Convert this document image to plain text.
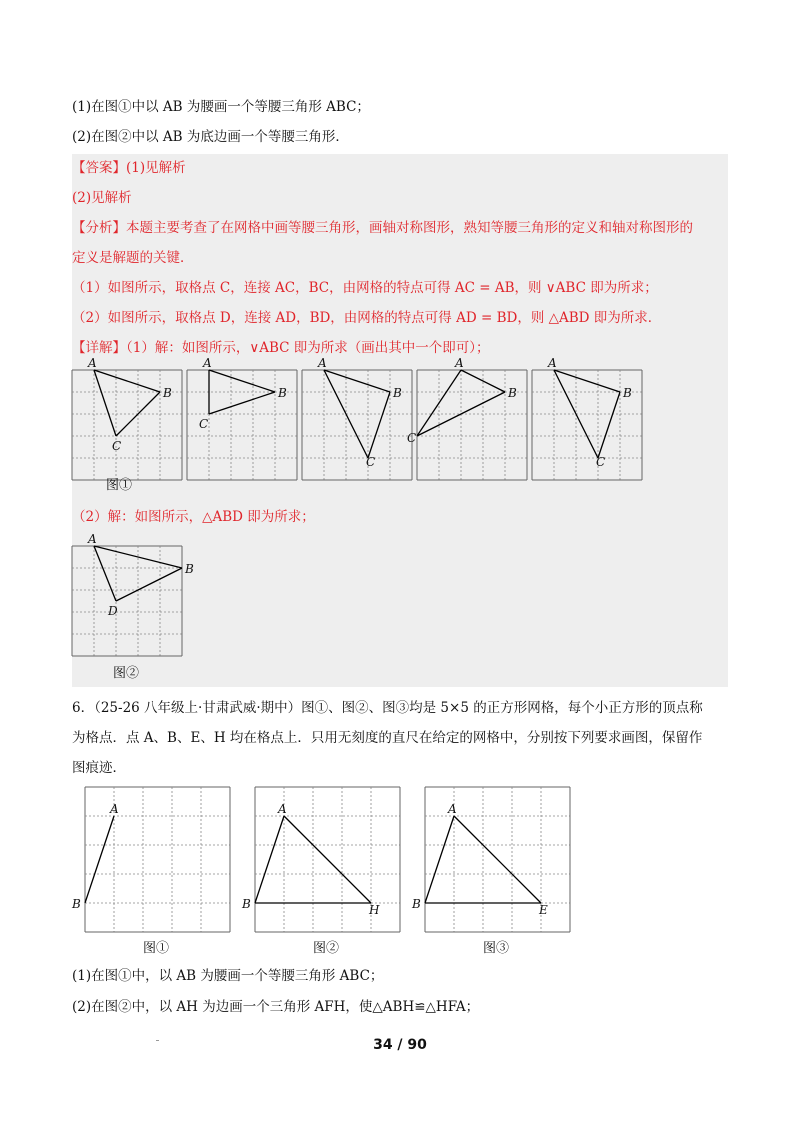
(1)在图①中以 AB 为腰画一个等腰三角形 ABC；
(2)在图②中以 AB 为底边画一个等腰三角形．
【答案】(1)见解析
(2)见解析
【分析】本题主要考查了在网格中画等腰三角形，画轴对称图形，熟知等腰三角形的定义和轴对称图形的
定义是解题的关键．
（1）如图所示，取格点 C，连接 AC，BC，由网格的特点可得 AC = AB，则 ∨ABC 即为所求；
（2）如图所示，取格点 D，连接 AD，BD，由网格的特点可得 AD = BD，则 △ABD 即为所求．
【详解】（1）解：如图所示，∨ABC 即为所求（画出其中一个即可）；
A
B
C
A
B
C
A
B
C
A
B
C
A
B
C
图①
（2）解：如图所示，△ABD 即为所求；
A
B
D
图②
6．（25-26 八年级上·甘肃武威·期中）图①、图②、图③均是 5×5 的正方形网格，每个小正方形的顶点称
为格点．点 A、B、E、H 均在格点上．只用无刻度的直尺在给定的网格中，分别按下列要求画图，保留作
图痕迹．
A
B
A
B	H
A
B	E
图①	图②	图③
(1)在图①中，以 AB 为腰画一个等腰三角形 ABC；
(2)在图②中，以 AH 为边画一个三角形 AFH，使△ABH≌△HFA；
34 / 90
